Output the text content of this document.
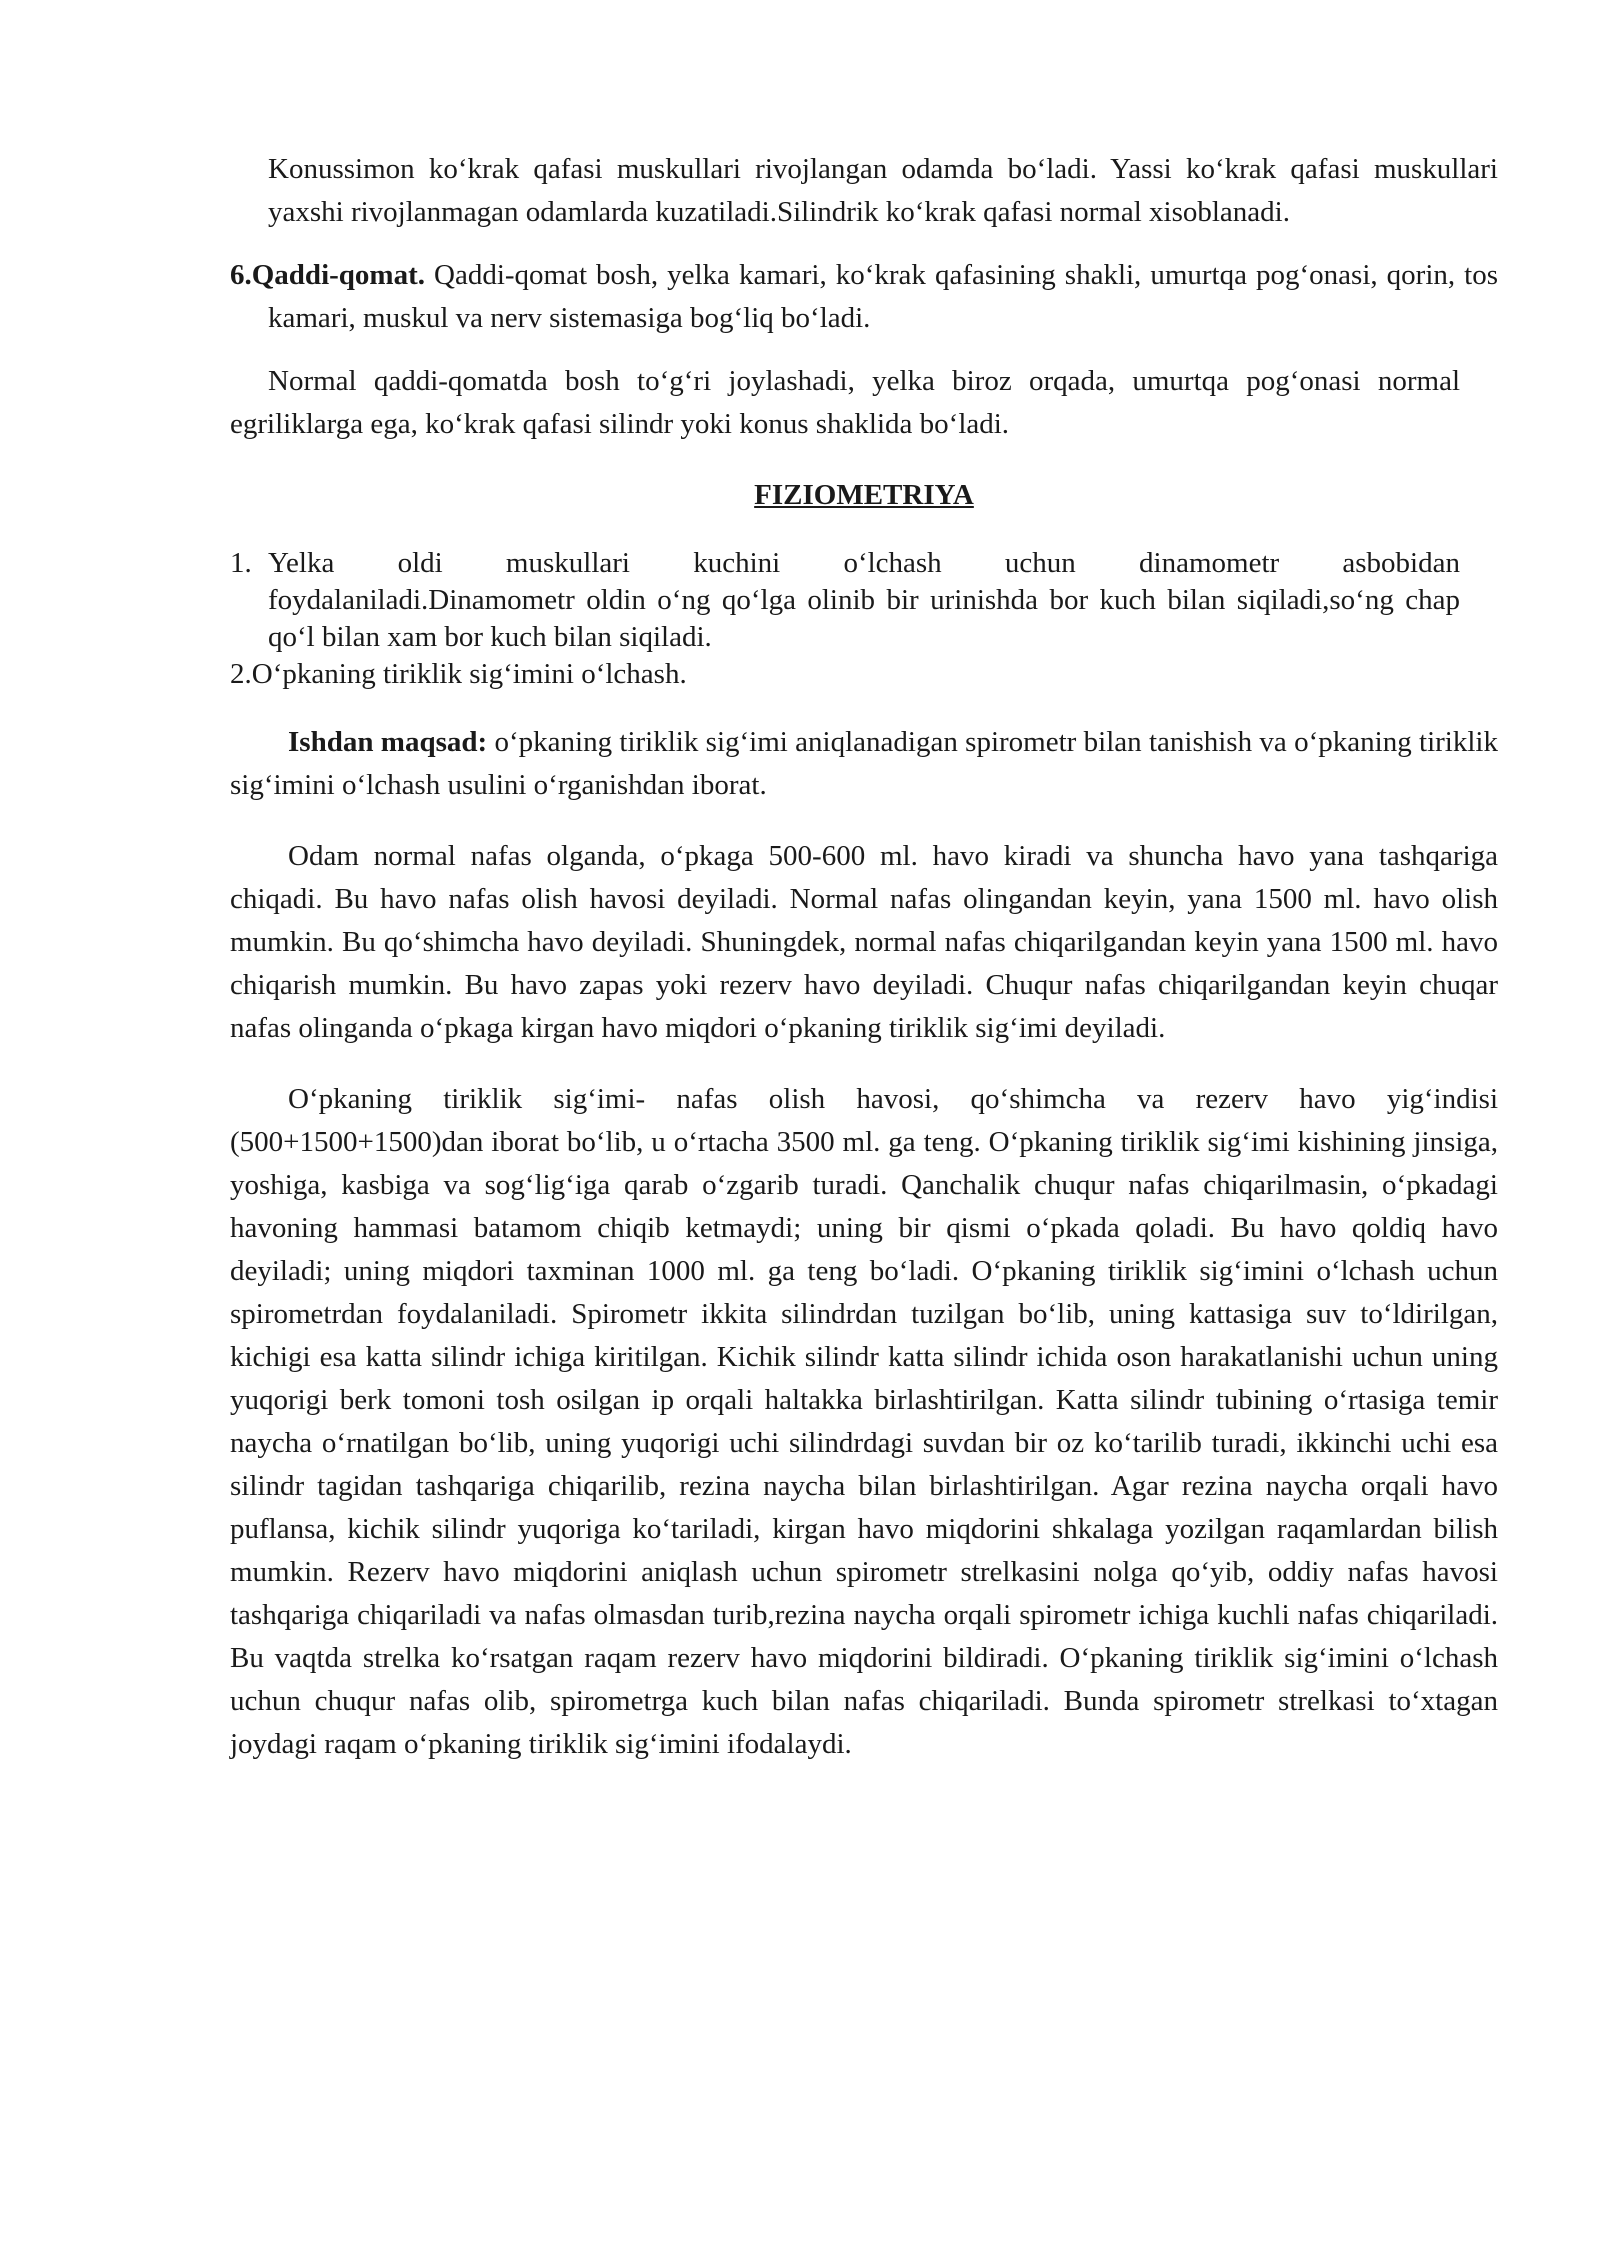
Konussimon ko‘krak qafasi muskullari rivojlangan odamda bo‘ladi. Yassi ko‘krak qafasi muskullari yaxshi rivojlanmagan odamlarda kuzatiladi.Silindrik ko‘krak qafasi normal xisoblanadi.

6.Qaddi-qomat. Qaddi-qomat bosh, yelka kamari, ko‘krak qafasining shakli, umurtqa pog‘onasi, qorin, tos kamari, muskul va nerv sistemasiga bog‘liq bo‘ladi.

Normal qaddi-qomatda bosh to‘g‘ri joylashadi, yelka biroz orqada, umurtqa pog‘onasi normal egriliklarga ega, ko‘krak qafasi silindr yoki konus shaklida bo‘ladi.

FIZIOMETRIYA

1. Yelka oldi muskullari kuchini o‘lchash uchun dinamometr asbobidan
foydalaniladi.Dinamometr oldin o‘ng qo‘lga olinib bir urinishda bor kuch bilan siqiladi,so‘ng chap qo‘l bilan xam bor kuch bilan siqiladi.
2.O‘pkaning tiriklik sig‘imini o‘lchash.

Ishdan maqsad: o‘pkaning tiriklik sig‘imi aniqlanadigan spirometr bilan tanishish va o‘pkaning tiriklik sig‘imini o‘lchash usulini o‘rganishdan iborat.

Odam normal nafas olganda, o‘pkaga 500-600 ml. havo kiradi va shuncha havo yana tashqariga chiqadi. Bu havo nafas olish havosi deyiladi. Normal nafas olingandan keyin, yana 1500 ml. havo olish mumkin. Bu qo‘shimcha havo deyiladi. Shuningdek, normal nafas chiqarilgandan keyin yana 1500 ml. havo chiqarish mumkin. Bu havo zapas yoki rezerv havo deyiladi. Chuqur nafas chiqarilgandan keyin chuqar nafas olinganda o‘pkaga kirgan havo miqdori o‘pkaning tiriklik sig‘imi deyiladi.

O‘pkaning tiriklik sig‘imi- nafas olish havosi, qo‘shimcha va rezerv havo yig‘indisi (500+1500+1500)dan iborat bo‘lib, u o‘rtacha 3500 ml. ga teng. O‘pkaning tiriklik sig‘imi kishining jinsiga, yoshiga, kasbiga va sog‘lig‘iga qarab o‘zgarib turadi. Qanchalik chuqur nafas chiqarilmasin, o‘pkadagi havoning hammasi batamom chiqib ketmaydi; uning bir qismi o‘pkada qoladi. Bu havo qoldiq havo deyiladi; uning miqdori taxminan 1000 ml. ga teng bo‘ladi. O‘pkaning tiriklik sig‘imini o‘lchash uchun spirometrdan foydalaniladi. Spirometr ikkita silindrdan tuzilgan bo‘lib, uning kattasiga suv to‘ldirilgan, kichigi esa katta silindr ichiga kiritilgan. Kichik silindr katta silindr ichida oson harakatlanishi uchun uning yuqorigi berk tomoni tosh osilgan ip orqali haltakka birlashtirilgan. Katta silindr tubining o‘rtasiga temir naycha o‘rnatilgan bo‘lib, uning yuqorigi uchi silindrdagi suvdan bir oz ko‘tarilib turadi, ikkinchi uchi esa silindr tagidan tashqariga chiqarilib, rezina naycha bilan birlashtirilgan. Agar rezina naycha orqali havo puflansa, kichik silindr yuqoriga ko‘tariladi, kirgan havo miqdorini shkalaga yozilgan raqamlardan bilish mumkin. Rezerv havo miqdorini aniqlash uchun spirometr strelkasini nolga qo‘yib, oddiy nafas havosi tashqariga chiqariladi va nafas olmasdan turib,rezina naycha orqali spirometr ichiga kuchli nafas chiqariladi. Bu vaqtda strelka ko‘rsatgan raqam rezerv havo miqdorini bildiradi. O‘pkaning tiriklik sig‘imini o‘lchash uchun chuqur nafas olib, spirometrga kuch bilan nafas chiqariladi. Bunda spirometr strelkasi to‘xtagan joydagi raqam o‘pkaning tiriklik sig‘imini ifodalaydi.
